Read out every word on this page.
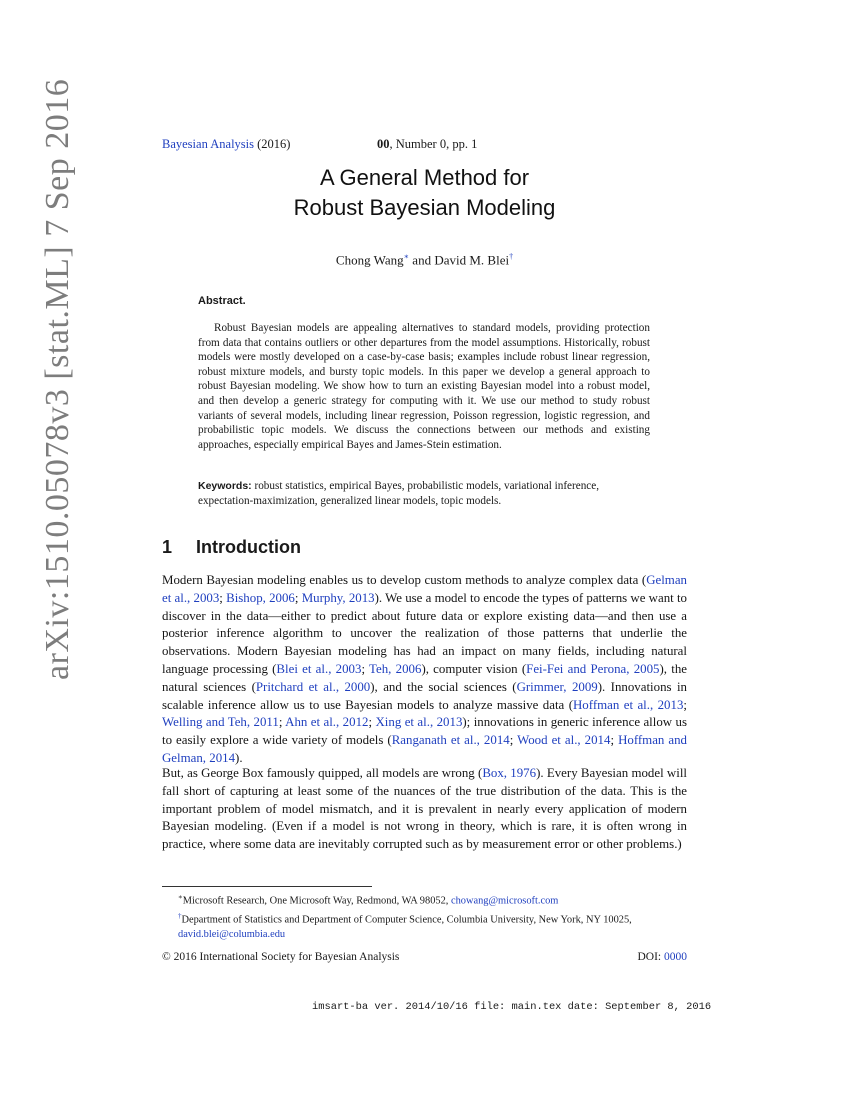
arXiv:1510.05078v3 [stat.ML] 7 Sep 2016	Bayesian Analysis (2016)	00, Number 0, pp. 1
A General Method for
Robust Bayesian Modeling
Chong Wang∗ and David M. Blei†
Abstract.
Robust Bayesian models are appealing alternatives to standard models, providing protection from data that contains outliers or other departures from the model assumptions. Historically, robust models were mostly developed on a case-by-case basis; examples include robust linear regression, robust mixture models, and bursty topic models. In this paper we develop a general approach to robust Bayesian modeling. We show how to turn an existing Bayesian model into a robust model, and then develop a generic strategy for computing with it. We use our method to study robust variants of several models, including linear regression, Poisson regression, logistic regression, and probabilistic topic models. We discuss the connections between our methods and existing approaches, especially empirical Bayes and James-Stein estimation.
Keywords: robust statistics, empirical Bayes, probabilistic models, variational inference, expectation-maximization, generalized linear models, topic models.
1 Introduction
Modern Bayesian modeling enables us to develop custom methods to analyze complex data (Gelman et al., 2003; Bishop, 2006; Murphy, 2013). We use a model to encode the types of patterns we want to discover in the data—either to predict about future data or explore existing data—and then use a posterior inference algorithm to uncover the realization of those patterns that underlie the observations. Modern Bayesian modeling has had an impact on many fields, including natural language processing (Blei et al., 2003; Teh, 2006), computer vision (Fei-Fei and Perona, 2005), the natural sciences (Pritchard et al., 2000), and the social sciences (Grimmer, 2009). Innovations in scalable inference allow us to use Bayesian models to analyze massive data (Hoffman et al., 2013; Welling and Teh, 2011; Ahn et al., 2012; Xing et al., 2013); innovations in generic inference allow us to easily explore a wide variety of models (Ranganath et al., 2014; Wood et al., 2014; Hoffman and Gelman, 2014).
But, as George Box famously quipped, all models are wrong (Box, 1976). Every Bayesian model will fall short of capturing at least some of the nuances of the true distribution of the data. This is the important problem of model mismatch, and it is prevalent in nearly every application of modern Bayesian modeling. (Even if a model is not wrong in theory, which is rare, it is often wrong in practice, where some data are inevitably corrupted such as by measurement error or other problems.)
∗Microsoft Research, One Microsoft Way, Redmond, WA 98052, chowang@microsoft.com
†Department of Statistics and Department of Computer Science, Columbia University, New York, NY 10025, david.blei@columbia.edu
© 2016 International Society for Bayesian Analysis	DOI: 0000
imsart-ba ver. 2014/10/16 file: main.tex date: September 8, 2016
